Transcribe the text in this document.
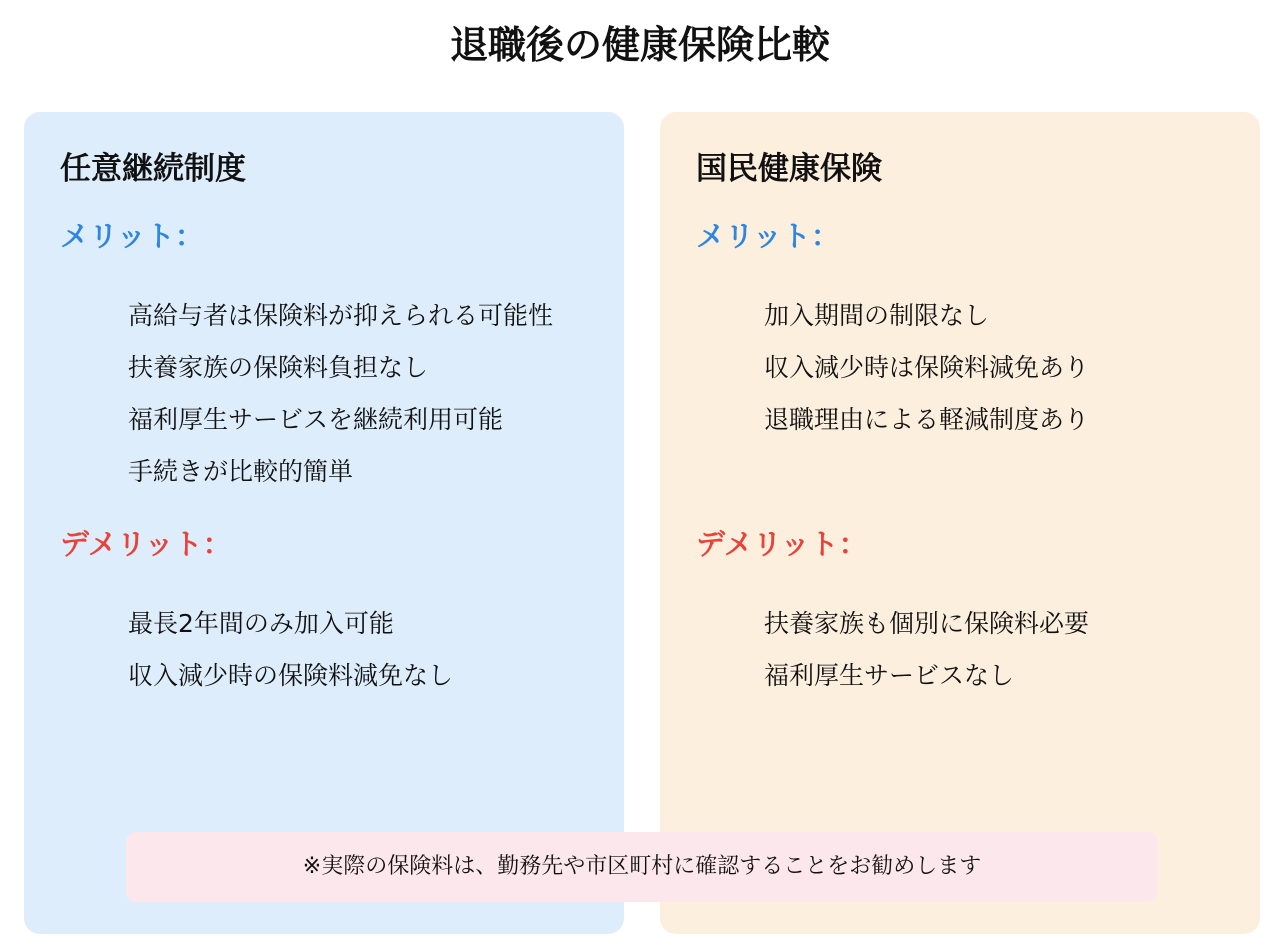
退職後の健康保険比較
任意継続制度
メリット：
高給与者は保険料が抑えられる可能性
扶養家族の保険料負担なし
福利厚生サービスを継続利用可能
手続きが比較的簡単
デメリット：
最長2年間のみ加入可能
収入減少時の保険料減免なし
国民健康保険
メリット：
加入期間の制限なし
収入減少時は保険料減免あり
退職理由による軽減制度あり
デメリット：
扶養家族も個別に保険料必要
福利厚生サービスなし
※実際の保険料は、勤務先や市区町村に確認することをお勧めします
